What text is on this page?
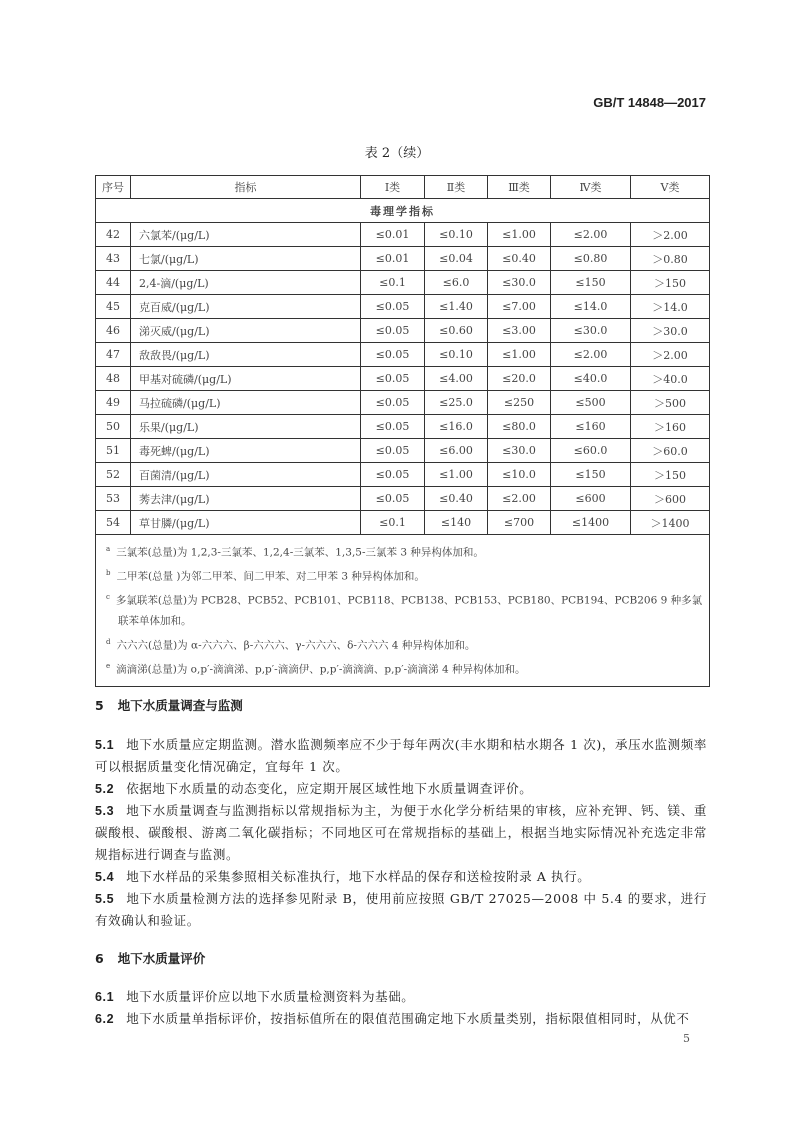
GB/T 14848—2017
表 2（续）
序号	指标	Ⅰ类	Ⅱ类	Ⅲ类	Ⅳ类	Ⅴ类
毒理学指标						
42	六氯苯/(μg/L)	≤0.01	≤0.10	≤1.00	≤2.00	＞2.00
43	七氯/(μg/L)	≤0.01	≤0.04	≤0.40	≤0.80	＞0.80
44	2,4-滴/(μg/L)	≤0.1	≤6.0	≤30.0	≤150	＞150
45	克百威/(μg/L)	≤0.05	≤1.40	≤7.00	≤14.0	＞14.0
46	涕灭威/(μg/L)	≤0.05	≤0.60	≤3.00	≤30.0	＞30.0
47	敌敌畏/(μg/L)	≤0.05	≤0.10	≤1.00	≤2.00	＞2.00
48	甲基对硫磷/(μg/L)	≤0.05	≤4.00	≤20.0	≤40.0	＞40.0
49	马拉硫磷/(μg/L)	≤0.05	≤25.0	≤250	≤500	＞500
50	乐果/(μg/L)	≤0.05	≤16.0	≤80.0	≤160	＞160
51	毒死蜱/(μg/L)	≤0.05	≤6.00	≤30.0	≤60.0	＞60.0
52	百菌清/(μg/L)	≤0.05	≤1.00	≤10.0	≤150	＞150
53	莠去津/(μg/L)	≤0.05	≤0.40	≤2.00	≤600	＞600
54	草甘膦/(μg/L)	≤0.1	≤140	≤700	≤1400	＞1400

$^a$ 三氯苯(总量)为 1,2,3-三氯苯、1,2,4-三氯苯、1,3,5-三氯苯 3 种异构体加和。
$^b$ 二甲苯(总量 )为邻二甲苯、间二甲苯、对二甲苯 3 种异构体加和。
$^c$ 多氯联苯(总量)为 PCB28、PCB52、PCB101、PCB118、PCB138、PCB153、PCB180、PCB194、PCB206 9 种多氯联苯单体加和。
$^d$ 六六六(总量)为 α-六六六、β-六六六、γ-六六六、δ-六六六 4 种异构体加和。
$^e$ 滴滴涕(总量)为 o,p′-滴滴涕、p,p′-滴滴伊、p,p′-滴滴滴、p,p′-滴滴涕 4 种异构体加和。						
5 地下水质量调查与监测
5.1 地下水质量应定期监测。潜水监测频率应不少于每年两次(丰水期和枯水期各 1 次)，承压水监测频率可以根据质量变化情况确定，宜每年 1 次。
5.2 依据地下水质量的动态变化，应定期开展区域性地下水质量调查评价。
5.3 地下水质量调查与监测指标以常规指标为主，为便于水化学分析结果的审核，应补充钾、钙、镁、重碳酸根、碳酸根、游离二氧化碳指标；不同地区可在常规指标的基础上，根据当地实际情况补充选定非常规指标进行调查与监测。
5.4 地下水样品的采集参照相关标准执行，地下水样品的保存和送检按附录 A 执行。
5.5 地下水质量检测方法的选择参见附录 B，使用前应按照 GB/T 27025—2008 中 5.4 的要求，进行有效确认和验证。
6 地下水质量评价
6.1 地下水质量评价应以地下水质量检测资料为基础。
6.2 地下水质量单指标评价，按指标值所在的限值范围确定地下水质量类别，指标限值相同时，从优不
5
